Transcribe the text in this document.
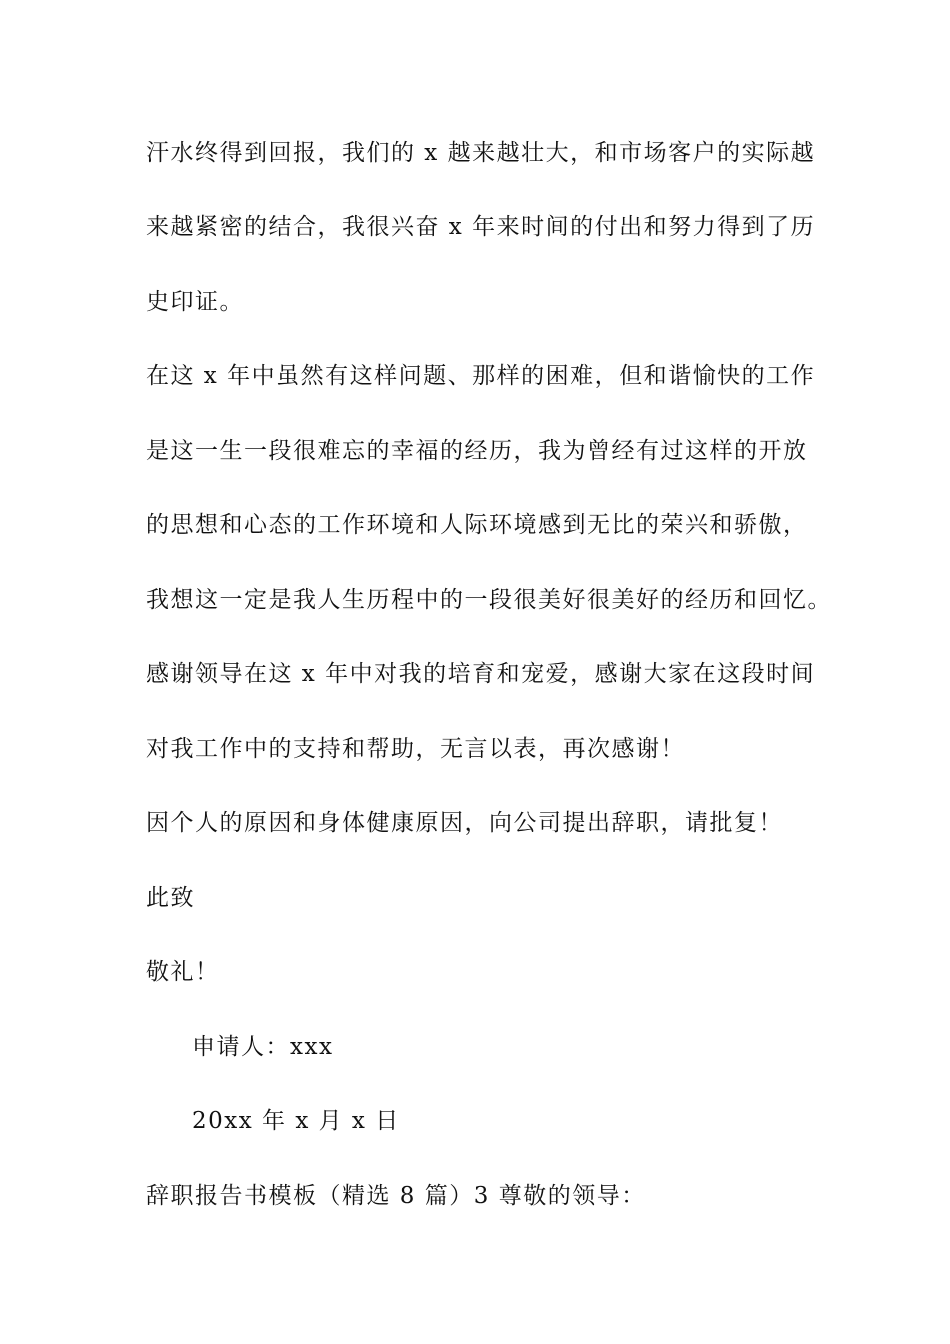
汗水终得到回报，我们的 x 越来越壮大，和市场客户的实际越
来越紧密的结合，我很兴奋 x 年来时间的付出和努力得到了历
史印证。
在这 x 年中虽然有这样问题、那样的困难，但和谐愉快的工作
是这一生一段很难忘的幸福的经历，我为曾经有过这样的开放
的思想和心态的工作环境和人际环境感到无比的荣兴和骄傲，
我想这一定是我人生历程中的一段很美好很美好的经历和回忆。
感谢领导在这 x 年中对我的培育和宠爱，感谢大家在这段时间
对我工作中的支持和帮助，无言以表，再次感谢！
因个人的原因和身体健康原因，向公司提出辞职，请批复！
此致
敬礼！
申请人：xxx
20xx 年 x 月 x 日
辞职报告书模板（精选 8 篇）3 尊敬的领导：
